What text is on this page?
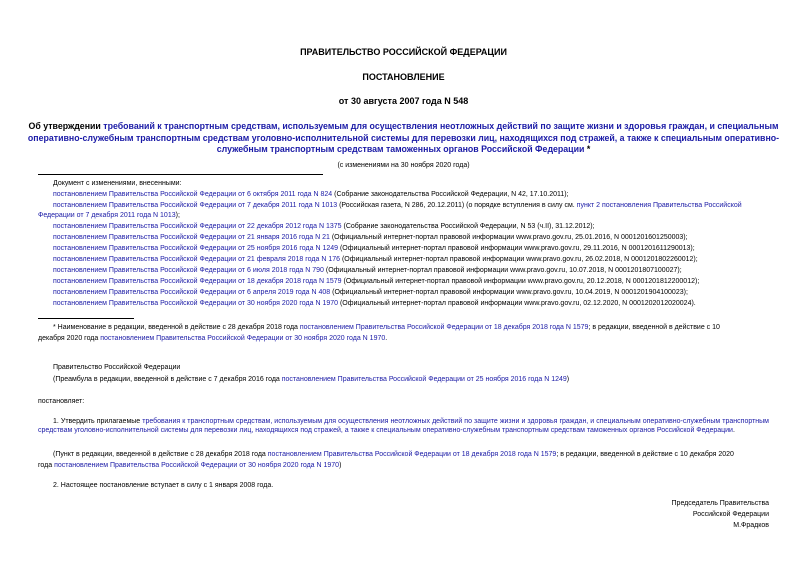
ПРАВИТЕЛЬСТВО РОССИЙСКОЙ ФЕДЕРАЦИИ
ПОСТАНОВЛЕНИЕ
от 30 августа 2007 года N 548
Об утверждении требований к транспортным средствам, используемым для осуществления неотложных действий по защите жизни и здоровья граждан, и специальным оперативно-служебным транспортным средствам уголовно-исполнительной системы для перевозки лиц, находящихся под стражей, а также к специальным оперативно-служебным транспортным средствам таможенных органов Российской Федерации *
(с изменениями на 30 ноября 2020 года)
Документ с изменениями, внесенными:
постановлением Правительства Российской Федерации от 6 октября 2011 года N 824 (Собрание законодательства Российской Федерации, N 42, 17.10.2011);
постановлением Правительства Российской Федерации от 7 декабря 2011 года N 1013 (Российская газета, N 286, 20.12.2011) (о порядке вступления в силу см. пункт 2 постановления Правительства Российской
Федерации от 7 декабря 2011 года N 1013);
постановлением Правительства Российской Федерации от 22 декабря 2012 года N 1375 (Собрание законодательства Российской Федерации, N 53 (ч.II), 31.12.2012);
постановлением Правительства Российской Федерации от 21 января 2016 года N 21 (Официальный интернет-портал правовой информации www.pravo.gov.ru, 25.01.2016, N 0001201601250003);
постановлением Правительства Российской Федерации от 25 ноября 2016 года N 1249 (Официальный интернет-портал правовой информации www.pravo.gov.ru, 29.11.2016, N 0001201611290013);
постановлением Правительства Российской Федерации от 21 февраля 2018 года N 176 (Официальный интернет-портал правовой информации www.pravo.gov.ru, 26.02.2018, N 0001201802260012);
постановлением Правительства Российской Федерации от 6 июля 2018 года N 790 (Официальный интернет-портал правовой информации www.pravo.gov.ru, 10.07.2018, N 0001201807100027);
постановлением Правительства Российской Федерации от 18 декабря 2018 года N 1579 (Официальный интернет-портал правовой информации www.pravo.gov.ru, 20.12.2018, N 0001201812200012);
постановлением Правительства Российской Федерации от 6 апреля 2019 года N 408 (Официальный интернет-портал правовой информации www.pravo.gov.ru, 10.04.2019, N 0001201904100023);
постановлением Правительства Российской Федерации от 30 ноября 2020 года N 1970 (Официальный интернет-портал правовой информации www.pravo.gov.ru, 02.12.2020, N 0001202012020024).
* Наименование в редакции, введенной в действие с 28 декабря 2018 года постановлением Правительства Российской Федерации от 18 декабря 2018 года N 1579; в редакции, введенной в действие с 10
декабря 2020 года постановлением Правительства Российской Федерации от 30 ноября 2020 года N 1970.
Правительство Российской Федерации
(Преамбула в редакции, введенной в действие с 7 декабря 2016 года постановлением Правительства Российской Федерации от 25 ноября 2016 года N 1249)
постановляет:
1. Утвердить прилагаемые требования к транспортным средствам, используемым для осуществления неотложных действий по защите жизни и здоровья граждан, и специальным оперативно-служебным транспортным средствам уголовно-исполнительной системы для перевозки лиц, находящихся под стражей, а также к специальным оперативно-служебным транспортным средствам таможенных органов Российской Федерации.
(Пункт в редакции, введенной в действие с 28 декабря 2018 года постановлением Правительства Российской Федерации от 18 декабря 2018 года N 1579; в редакции, введенной в действие с 10 декабря 2020
года постановлением Правительства Российской Федерации от 30 ноября 2020 года N 1970)
2. Настоящее постановление вступает в силу с 1 января 2008 года.
Председатель Правительства
Российской Федерации
М.Фрадков
